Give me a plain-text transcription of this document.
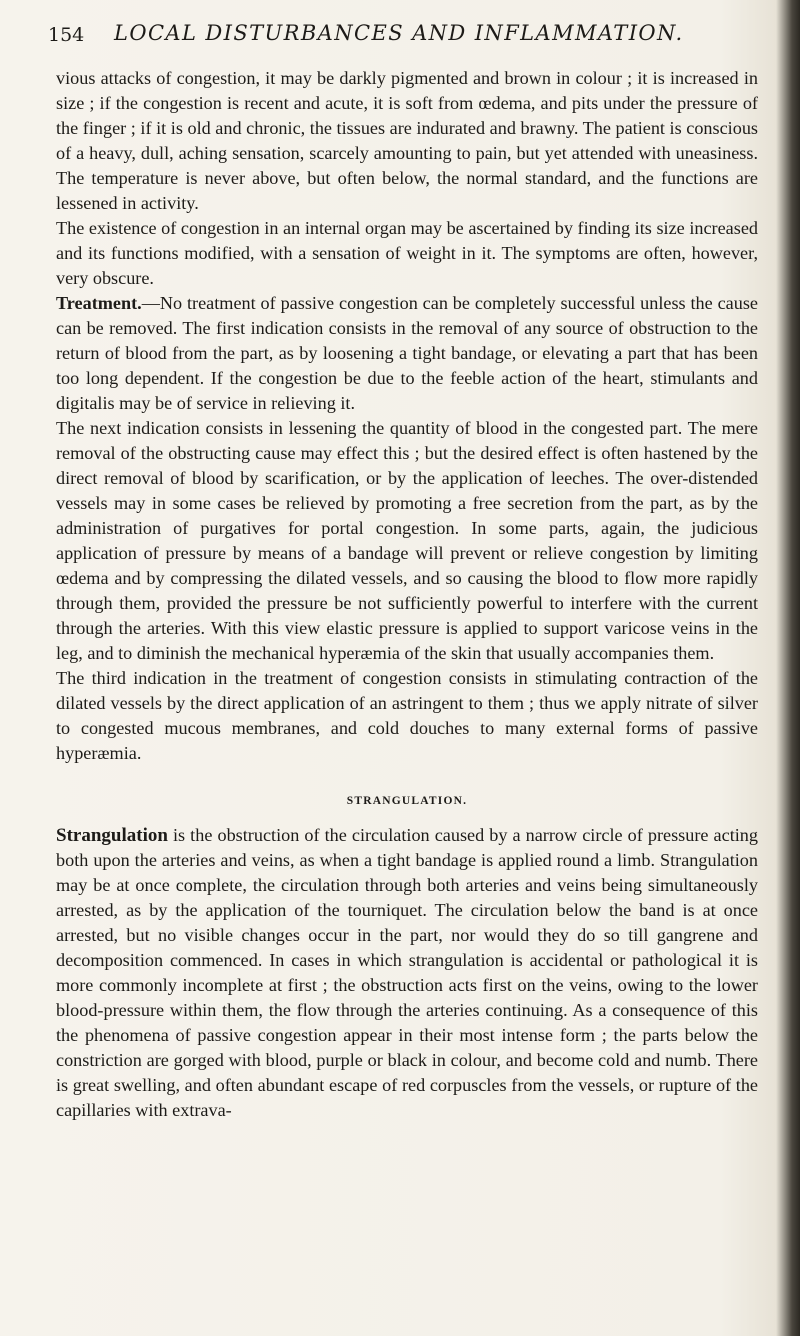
154 LOCAL DISTURBANCES AND INFLAMMATION.

vious attacks of congestion, it may be darkly pigmented and brown in colour ; it is increased in size ; if the congestion is recent and acute, it is soft from œdema, and pits under the pressure of the finger ; if it is old and chronic, the tissues are indurated and brawny. The patient is conscious of a heavy, dull, aching sensation, scarcely amounting to pain, but yet attended with uneasiness. The temperature is never above, but often below, the normal standard, and the functions are lessened in activity.

The existence of congestion in an internal organ may be ascertained by finding its size increased and its functions modified, with a sensation of weight in it. The symptoms are often, however, very obscure.

Treatment.—No treatment of passive congestion can be completely successful unless the cause can be removed. The first indication consists in the removal of any source of obstruction to the return of blood from the part, as by loosening a tight bandage, or elevating a part that has been too long dependent. If the congestion be due to the feeble action of the heart, stimulants and digitalis may be of service in relieving it.

The next indication consists in lessening the quantity of blood in the congested part. The mere removal of the obstructing cause may effect this ; but the desired effect is often hastened by the direct removal of blood by scarification, or by the application of leeches. The over-distended vessels may in some cases be relieved by promoting a free secretion from the part, as by the administration of purgatives for portal congestion. In some parts, again, the judicious application of pressure by means of a bandage will prevent or relieve congestion by limiting œdema and by compressing the dilated vessels, and so causing the blood to flow more rapidly through them, provided the pressure be not sufficiently powerful to interfere with the current through the arteries. With this view elastic pressure is applied to support varicose veins in the leg, and to diminish the mechanical hyperæmia of the skin that usually accompanies them.

The third indication in the treatment of congestion consists in stimulating contraction of the dilated vessels by the direct application of an astringent to them ; thus we apply nitrate of silver to congested mucous membranes, and cold douches to many external forms of passive hyperæmia.

STRANGULATION.

Strangulation is the obstruction of the circulation caused by a narrow circle of pressure acting both upon the arteries and veins, as when a tight bandage is applied round a limb. Strangulation may be at once complete, the circulation through both arteries and veins being simultaneously arrested, as by the application of the tourniquet. The circulation below the band is at once arrested, but no visible changes occur in the part, nor would they do so till gangrene and decomposition commenced. In cases in which strangulation is accidental or pathological it is more commonly incomplete at first ; the obstruction acts first on the veins, owing to the lower blood-pressure within them, the flow through the arteries continuing. As a consequence of this the phenomena of passive congestion appear in their most intense form ; the parts below the constriction are gorged with blood, purple or black in colour, and become cold and numb. There is great swelling, and often abundant escape of red corpuscles from the vessels, or rupture of the capillaries with extrava-
